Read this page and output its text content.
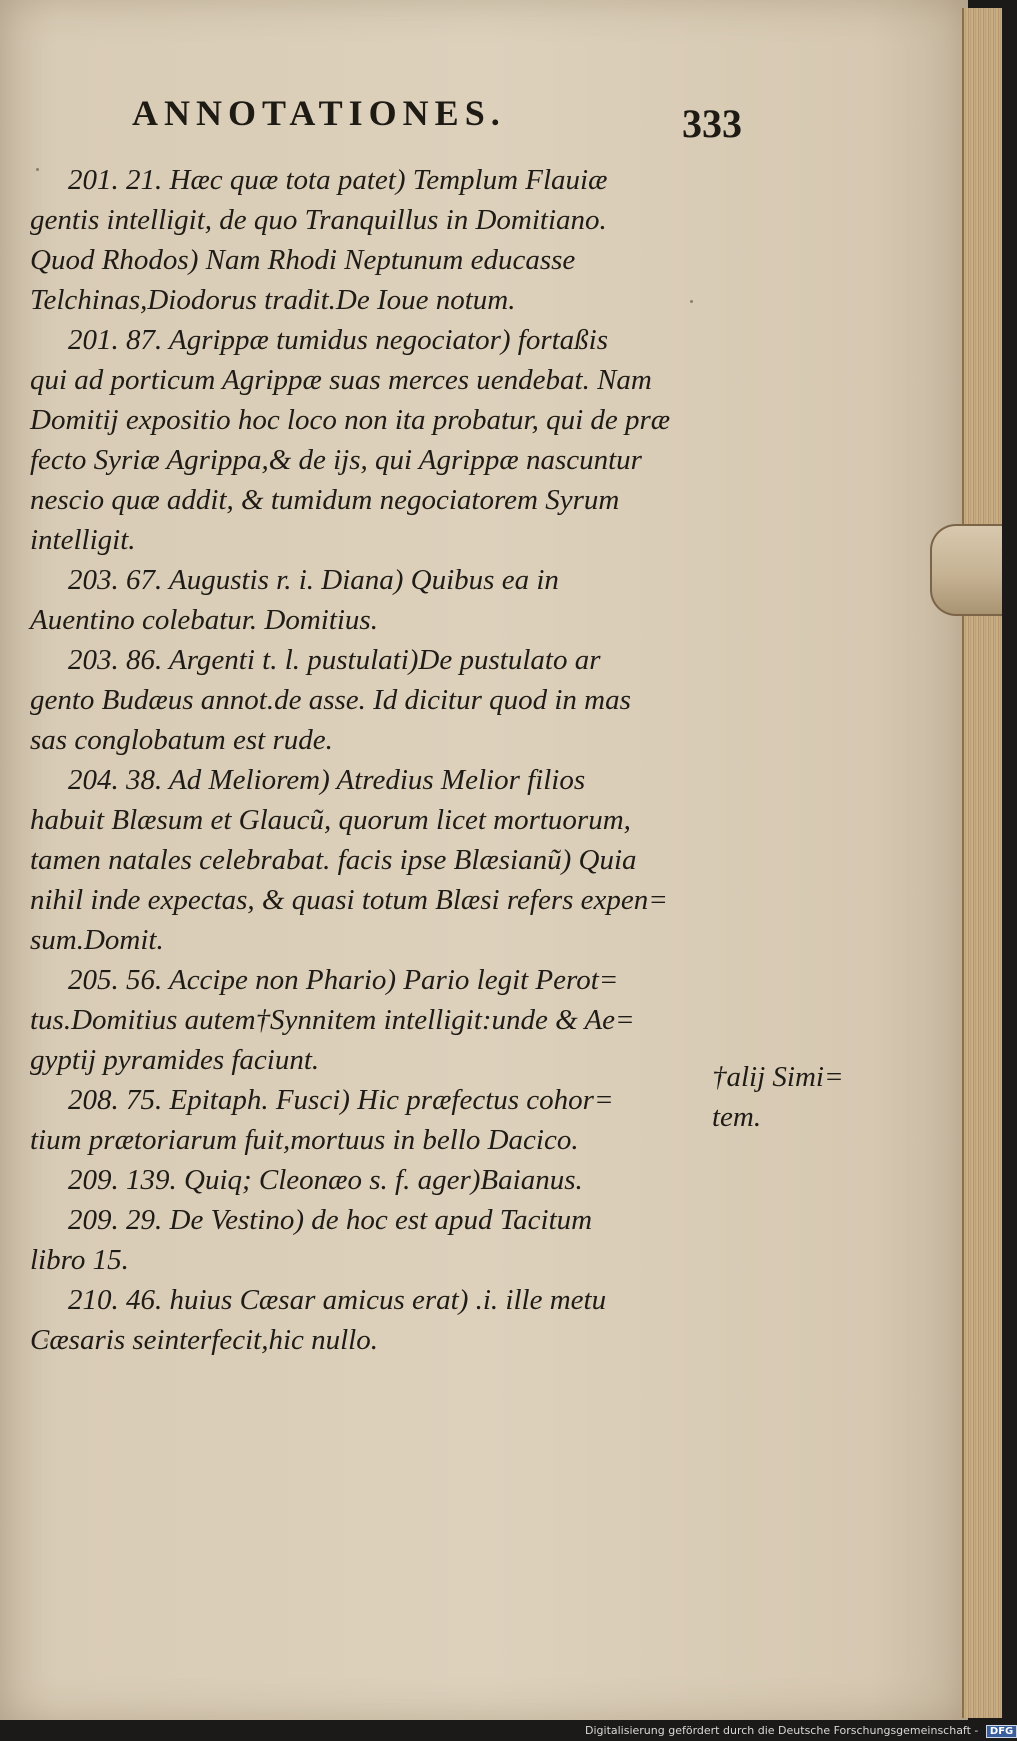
ANNOTATIONES.	333
201. 21. Hæc quæ tota patet) Templum Flauiæ
gentis intelligit, de quo Tranquillus in Domitiano.
Quod Rhodos) Nam Rhodi Neptunum educasse
Telchinas,Diodorus tradit.De Ioue notum.
201. 87. Agrippæ tumidus negociator) fortaßis
qui ad porticum Agrippæ suas merces uendebat. Nam
Domitij expositio hoc loco non ita probatur, qui de præ
fecto Syriæ Agrippa,& de ijs, qui Agrippæ nascuntur
nescio quæ addit, & tumidum negociatorem Syrum
intelligit.
203. 67. Augustis r. i. Diana) Quibus ea in
Auentino colebatur. Domitius.
203. 86. Argenti t. l. pustulati)De pustulato ar
gento Budæus annot.de asse. Id dicitur quod in mas
sas conglobatum est rude.
204. 38. Ad Meliorem) Atredius Melior filios
habuit Blæsum et Glaucũ, quorum licet mortuorum,
tamen natales celebrabat. facis ipse Blæsianũ) Quia
nihil inde expectas, & quasi totum Blæsi refers expen=
sum.Domit.
205. 56. Accipe non Phario) Pario legit Perot=
tus.Domitius autem†Synnitem intelligit:unde & Ae=
gyptij pyramides faciunt.
208. 75. Epitaph. Fusci) Hic præfectus cohor=
tium prætoriarum fuit,mortuus in bello Dacico.
209. 139. Quiq; Cleonæo s. f. ager)Baianus.
209. 29. De Vestino) de hoc est apud Tacitum
libro 15.
210. 46. huius Cæsar amicus erat) .i. ille metu
Cæsaris seinterfecit,hic nullo.
†alij Simi=
tem.
Digitalisierung gefördert durch die Deutsche Forschungsgemeinschaft - DFG
